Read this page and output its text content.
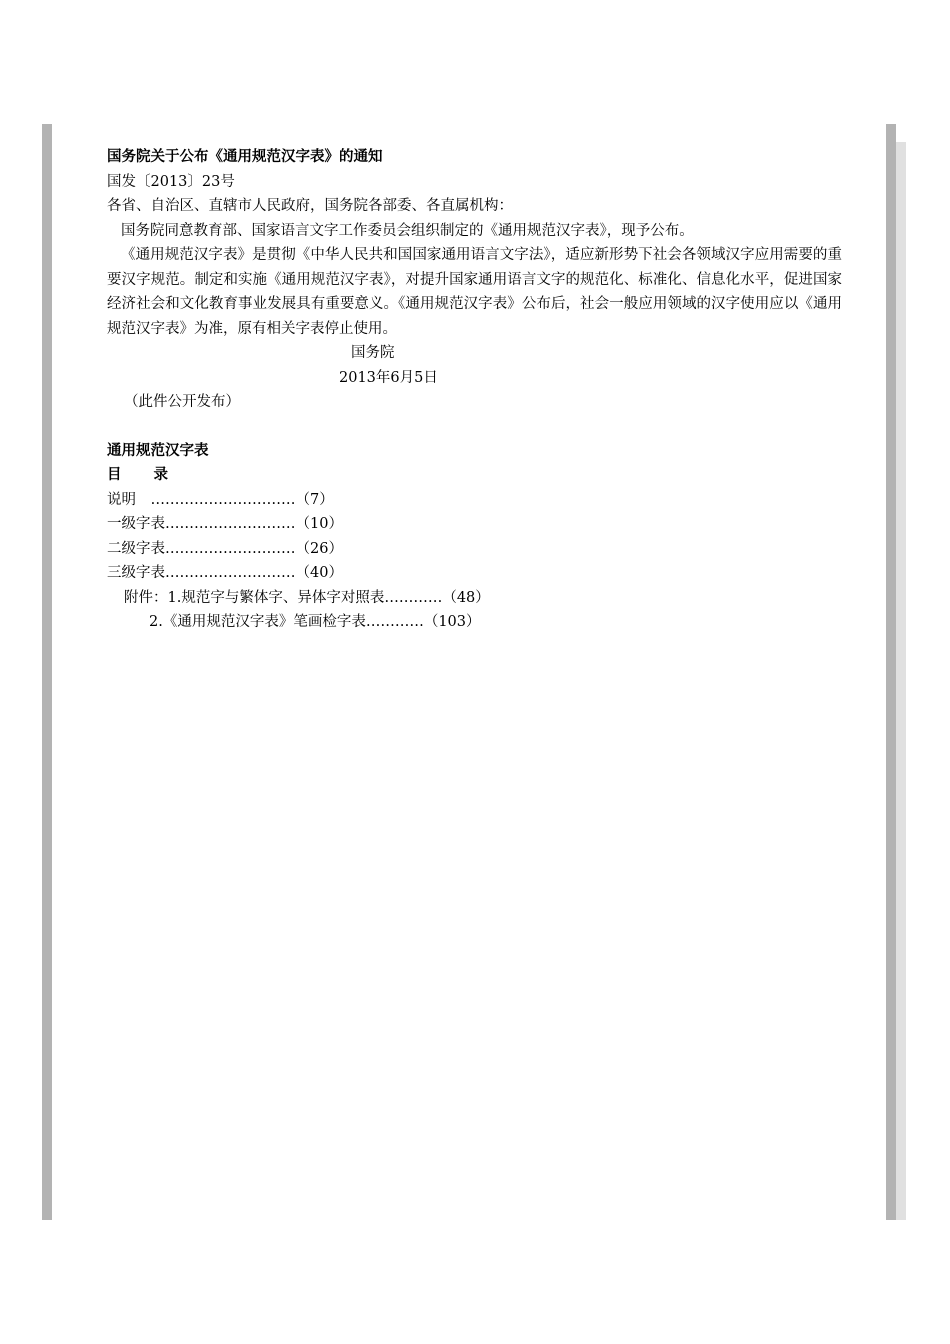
国务院关于公布《通用规范汉字表》的通知

国发〔2013〕23号

各省、自治区、直辖市人民政府，国务院各部委、各直属机构：

国务院同意教育部、国家语言文字工作委员会组织制定的《通用规范汉字表》，现予公布。

《通用规范汉字表》是贯彻《中华人民共和国国家通用语言文字法》，适应新形势下社会各领域汉字应用需要的重要汉字规范。制定和实施《通用规范汉字表》，对提升国家通用语言文字的规范化、标准化、信息化水平，促进国家经济社会和文化教育事业发展具有重要意义。《通用规范汉字表》公布后，社会一般应用领域的汉字使用应以《通用规范汉字表》为准，原有相关字表停止使用。

国务院

2013年6月5日

（此件公开发布）

通用规范汉字表

目 录

说明　…………………………（7）

一级字表………………………（10）

二级字表………………………（26）

三级字表………………………（40）

附件：1.规范字与繁体字、异体字对照表…………（48）

2.《通用规范汉字表》笔画检字表…………（103）
